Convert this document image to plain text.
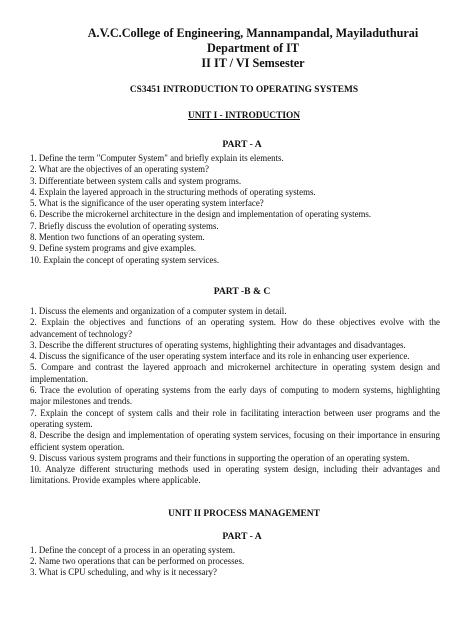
A.V.C.College of Engineering, Mannampandal, Mayiladuthurai

Department of IT

II IT / VI Semsester

CS3451 INTRODUCTION TO OPERATING SYSTEMS

UNIT I - INTRODUCTION

PART - A

1. Define the term "Computer System" and briefly explain its elements.
2. What are the objectives of an operating system?
3. Differentiate between system calls and system programs.
4. Explain the layered approach in the structuring methods of operating systems.
5. What is the significance of the user operating system interface?
6. Describe the microkernel architecture in the design and implementation of operating systems.
7. Briefly discuss the evolution of operating systems.
8. Mention two functions of an operating system.
9. Define system programs and give examples.
10. Explain the concept of operating system services.

PART -B & C

1. Discuss the elements and organization of a computer system in detail.
2. Explain the objectives and functions of an operating system. How do these objectives evolve with the advancement of technology?
3. Describe the different structures of operating systems, highlighting their advantages and disadvantages.
4. Discuss the significance of the user operating system interface and its role in enhancing user experience.
5. Compare and contrast the layered approach and microkernel architecture in operating system design and implementation.
6. Trace the evolution of operating systems from the early days of computing to modern systems, highlighting major milestones and trends.
7. Explain the concept of system calls and their role in facilitating interaction between user programs and the operating system.
8. Describe the design and implementation of operating system services, focusing on their importance in ensuring efficient system operation.
9. Discuss various system programs and their functions in supporting the operation of an operating system.
10. Analyze different structuring methods used in operating system design, including their advantages and limitations. Provide examples where applicable.

UNIT II PROCESS MANAGEMENT

PART - A

1. Define the concept of a process in an operating system.
2. Name two operations that can be performed on processes.
3. What is CPU scheduling, and why is it necessary?
